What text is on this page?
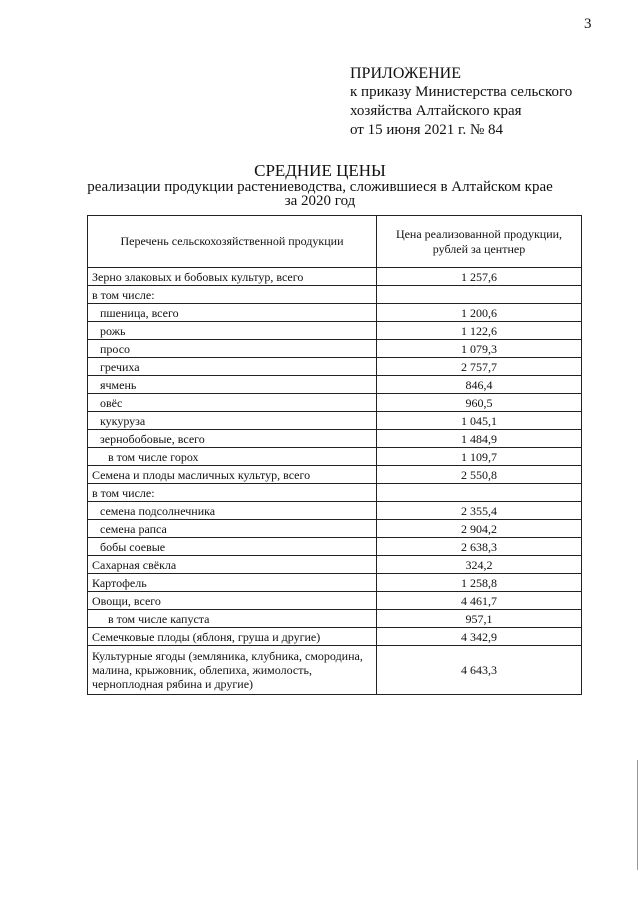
3
ПРИЛОЖЕНИЕ
к приказу Министерства сельского
хозяйства Алтайского края
от 15 июня 2021 г. № 84
СРЕДНИЕ ЦЕНЫ
реализации продукции растениеводства, сложившиеся в Алтайском крае
за 2020 год
Перечень сельскохозяйственной продукции	Цена реализованной продукции, рублей за центнер
Зерно злаковых и бобовых культур, всего	1 257,6
в том числе:	
пшеница, всего	1 200,6
рожь	1 122,6
просо	1 079,3
гречиха	2 757,7
ячмень	846,4
овёс	960,5
кукуруза	1 045,1
зернобобовые, всего	1 484,9
в том числе горох	1 109,7
Семена и плоды масличных культур, всего	2 550,8
в том числе:	
семена подсолнечника	2 355,4
семена рапса	2 904,2
бобы соевые	2 638,3
Сахарная свёкла	324,2
Картофель	1 258,8
Овощи, всего	4 461,7
в том числе капуста	957,1
Семечковые плоды (яблоня, груша и другие)	4 342,9
Культурные ягоды (земляника, клубника, смородина, малина, крыжовник, облепиха, жимолость, черноплодная рябина и другие)	4 643,3
